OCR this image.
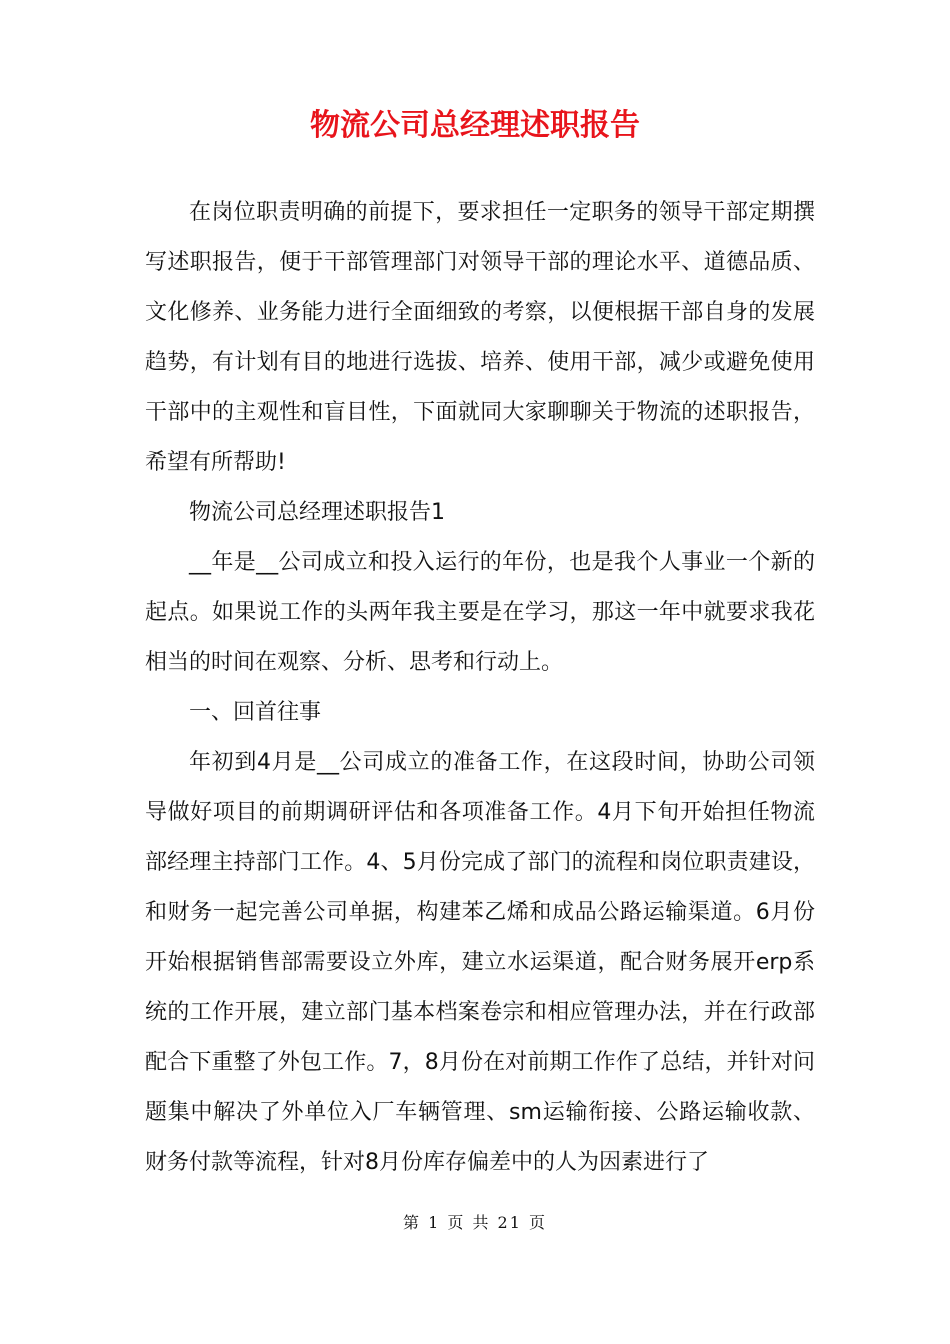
物流公司总经理述职报告

在岗位职责明确的前提下，要求担任一定职务的领导干部定期撰写述职报告，便于干部管理部门对领导干部的理论水平、道德品质、文化修养、业务能力进行全面细致的考察，以便根据干部自身的发展趋势，有计划有目的地进行选拔、培养、使用干部，减少或避免使用干部中的主观性和盲目性，下面就同大家聊聊关于物流的述职报告，希望有所帮助!

物流公司总经理述职报告1

__年是__公司成立和投入运行的年份，也是我个人事业一个新的起点。如果说工作的头两年我主要是在学习，那这一年中就要求我花相当的时间在观察、分析、思考和行动上。

一、回首往事

年初到4月是__公司成立的准备工作，在这段时间，协助公司领导做好项目的前期调研评估和各项准备工作。4月下旬开始担任物流部经理主持部门工作。4、5月份完成了部门的流程和岗位职责建设，和财务一起完善公司单据，构建苯乙烯和成品公路运输渠道。6月份开始根据销售部需要设立外库，建立水运渠道，配合财务展开erp系统的工作开展，建立部门基本档案卷宗和相应管理办法，并在行政部配合下重整了外包工作。7，8月份在对前期工作作了总结，并针对问题集中解决了外单位入厂车辆管理、sm运输衔接、公路运输收款、财务付款等流程，针对8月份库存偏差中的人为因素进行了

第 1 页 共 21 页
